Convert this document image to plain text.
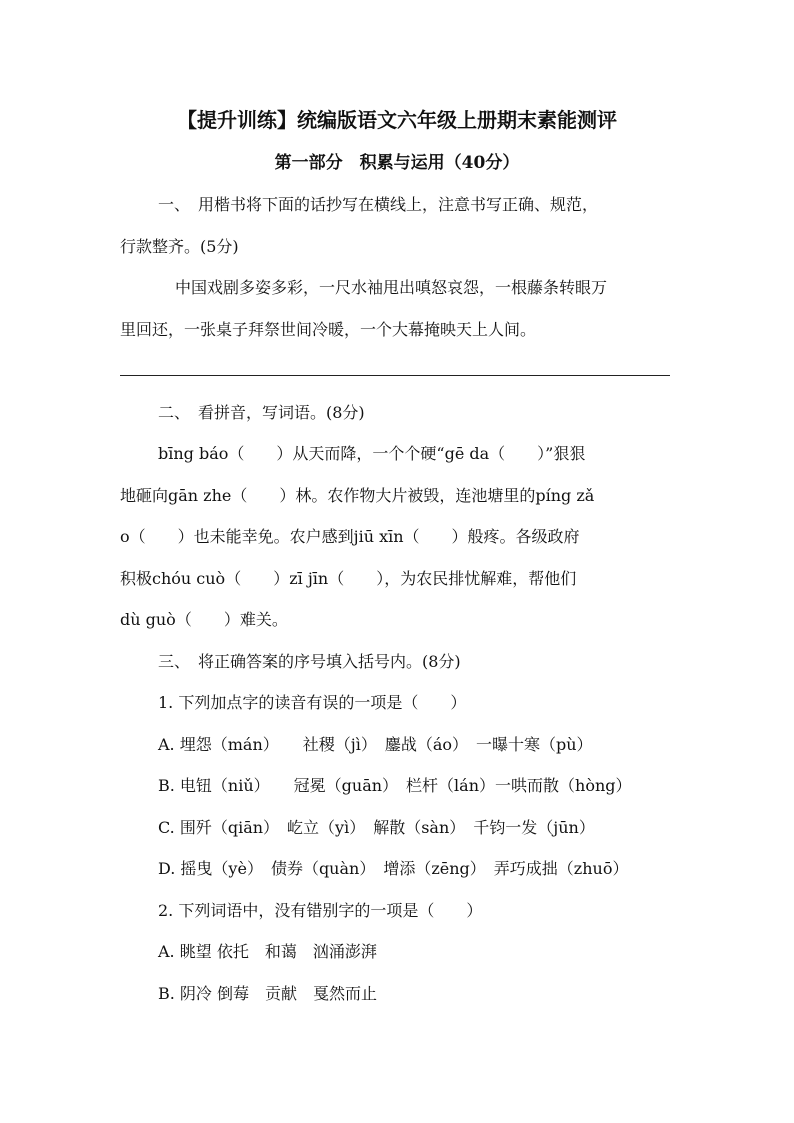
【提升训练】统编版语文六年级上册期末素能测评
第一部分　积累与运用（40分）
一、　用楷书将下面的话抄写在横线上，注意书写正确、规范，
行款整齐。(5分)
中国戏剧多姿多彩，一尺水袖甩出嗔怒哀怨，一根藤条转眼万
里回还，一张桌子拜祭世间冷暖，一个大幕掩映天上人间。
二、　看拼音，写词语。(8分)
bīng báo（　　）从天而降，一个个硬“gē da（　　）”狠狠
地砸向gān zhe（　　）林。农作物大片被毁，连池塘里的píng zǎ
o（　　）也未能幸免。农户感到jiū xīn（　　）般疼。各级政府
积极chóu cuò（　　）zī jīn（　　），为农民排忧解难，帮他们
dù guò（　　）难关。
三、　将正确答案的序号填入括号内。(8分)
1. 下列加点字的读音有误的一项是（　　）
A. 埋怨（mán）　　社稷（jì）　鏖战（áo）　一曝十寒（pù）
B. 电钮（niǔ）　　冠冕（guān）　栏杆（lán）一哄而散（hòng）
C. 围歼（qiān）　屹立（yì）　解散（sàn）　千钧一发（jūn）
D. 摇曳（yè）　债券（quàn）　增添（zēng）　弄巧成拙（zhuō）
2. 下列词语中，没有错别字的一项是（　　）
A. 眺望 依托　和蔼　汹涌澎湃
B. 阴冷 倒莓　贡献　戛然而止
